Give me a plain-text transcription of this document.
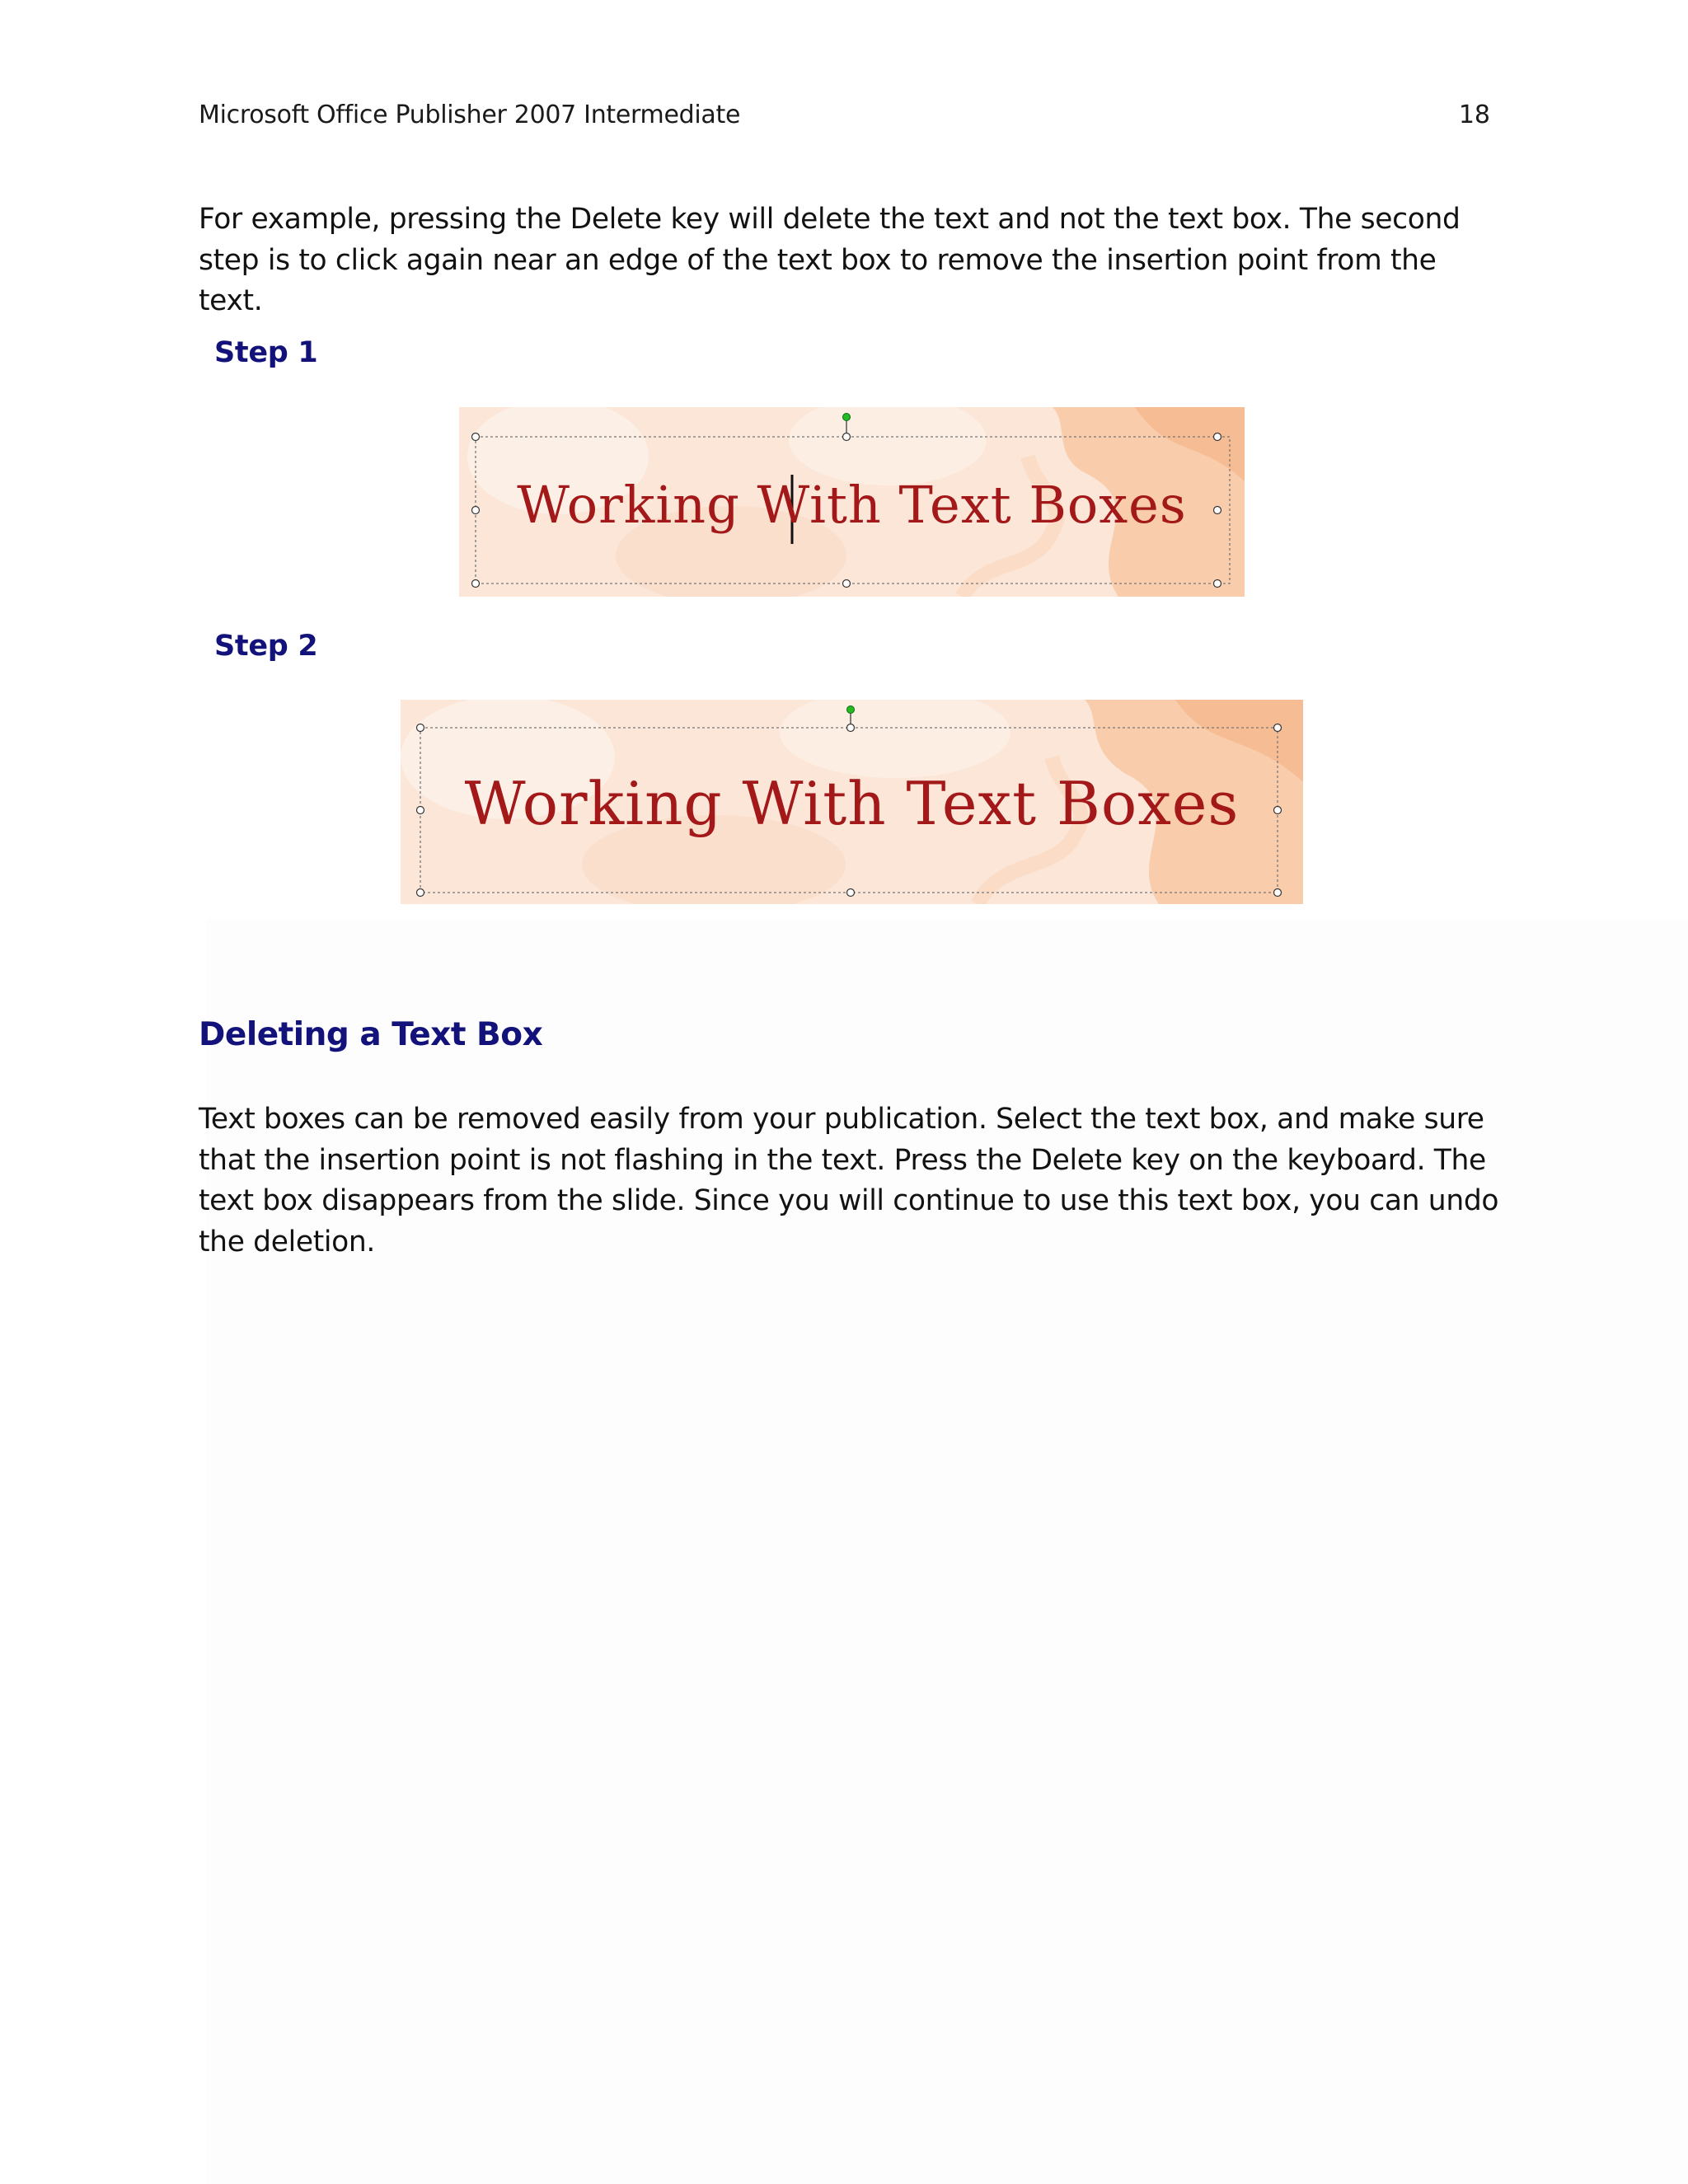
Microsoft Office Publisher 2007 Intermediate	18

For example, pressing the Delete key will delete the text and not the text box. The second step is to click again near an edge of the text box to remove the insertion point from the text.

Step 1
Working With Text Boxes
Step 2
Working With Text Boxes
Deleting a Text Box

Text boxes can be removed easily from your publication. Select the text box, and make sure that the insertion point is not flashing in the text. Press the Delete key on the keyboard. The text box disappears from the slide. Since you will continue to use this text box, you can undo the deletion.
